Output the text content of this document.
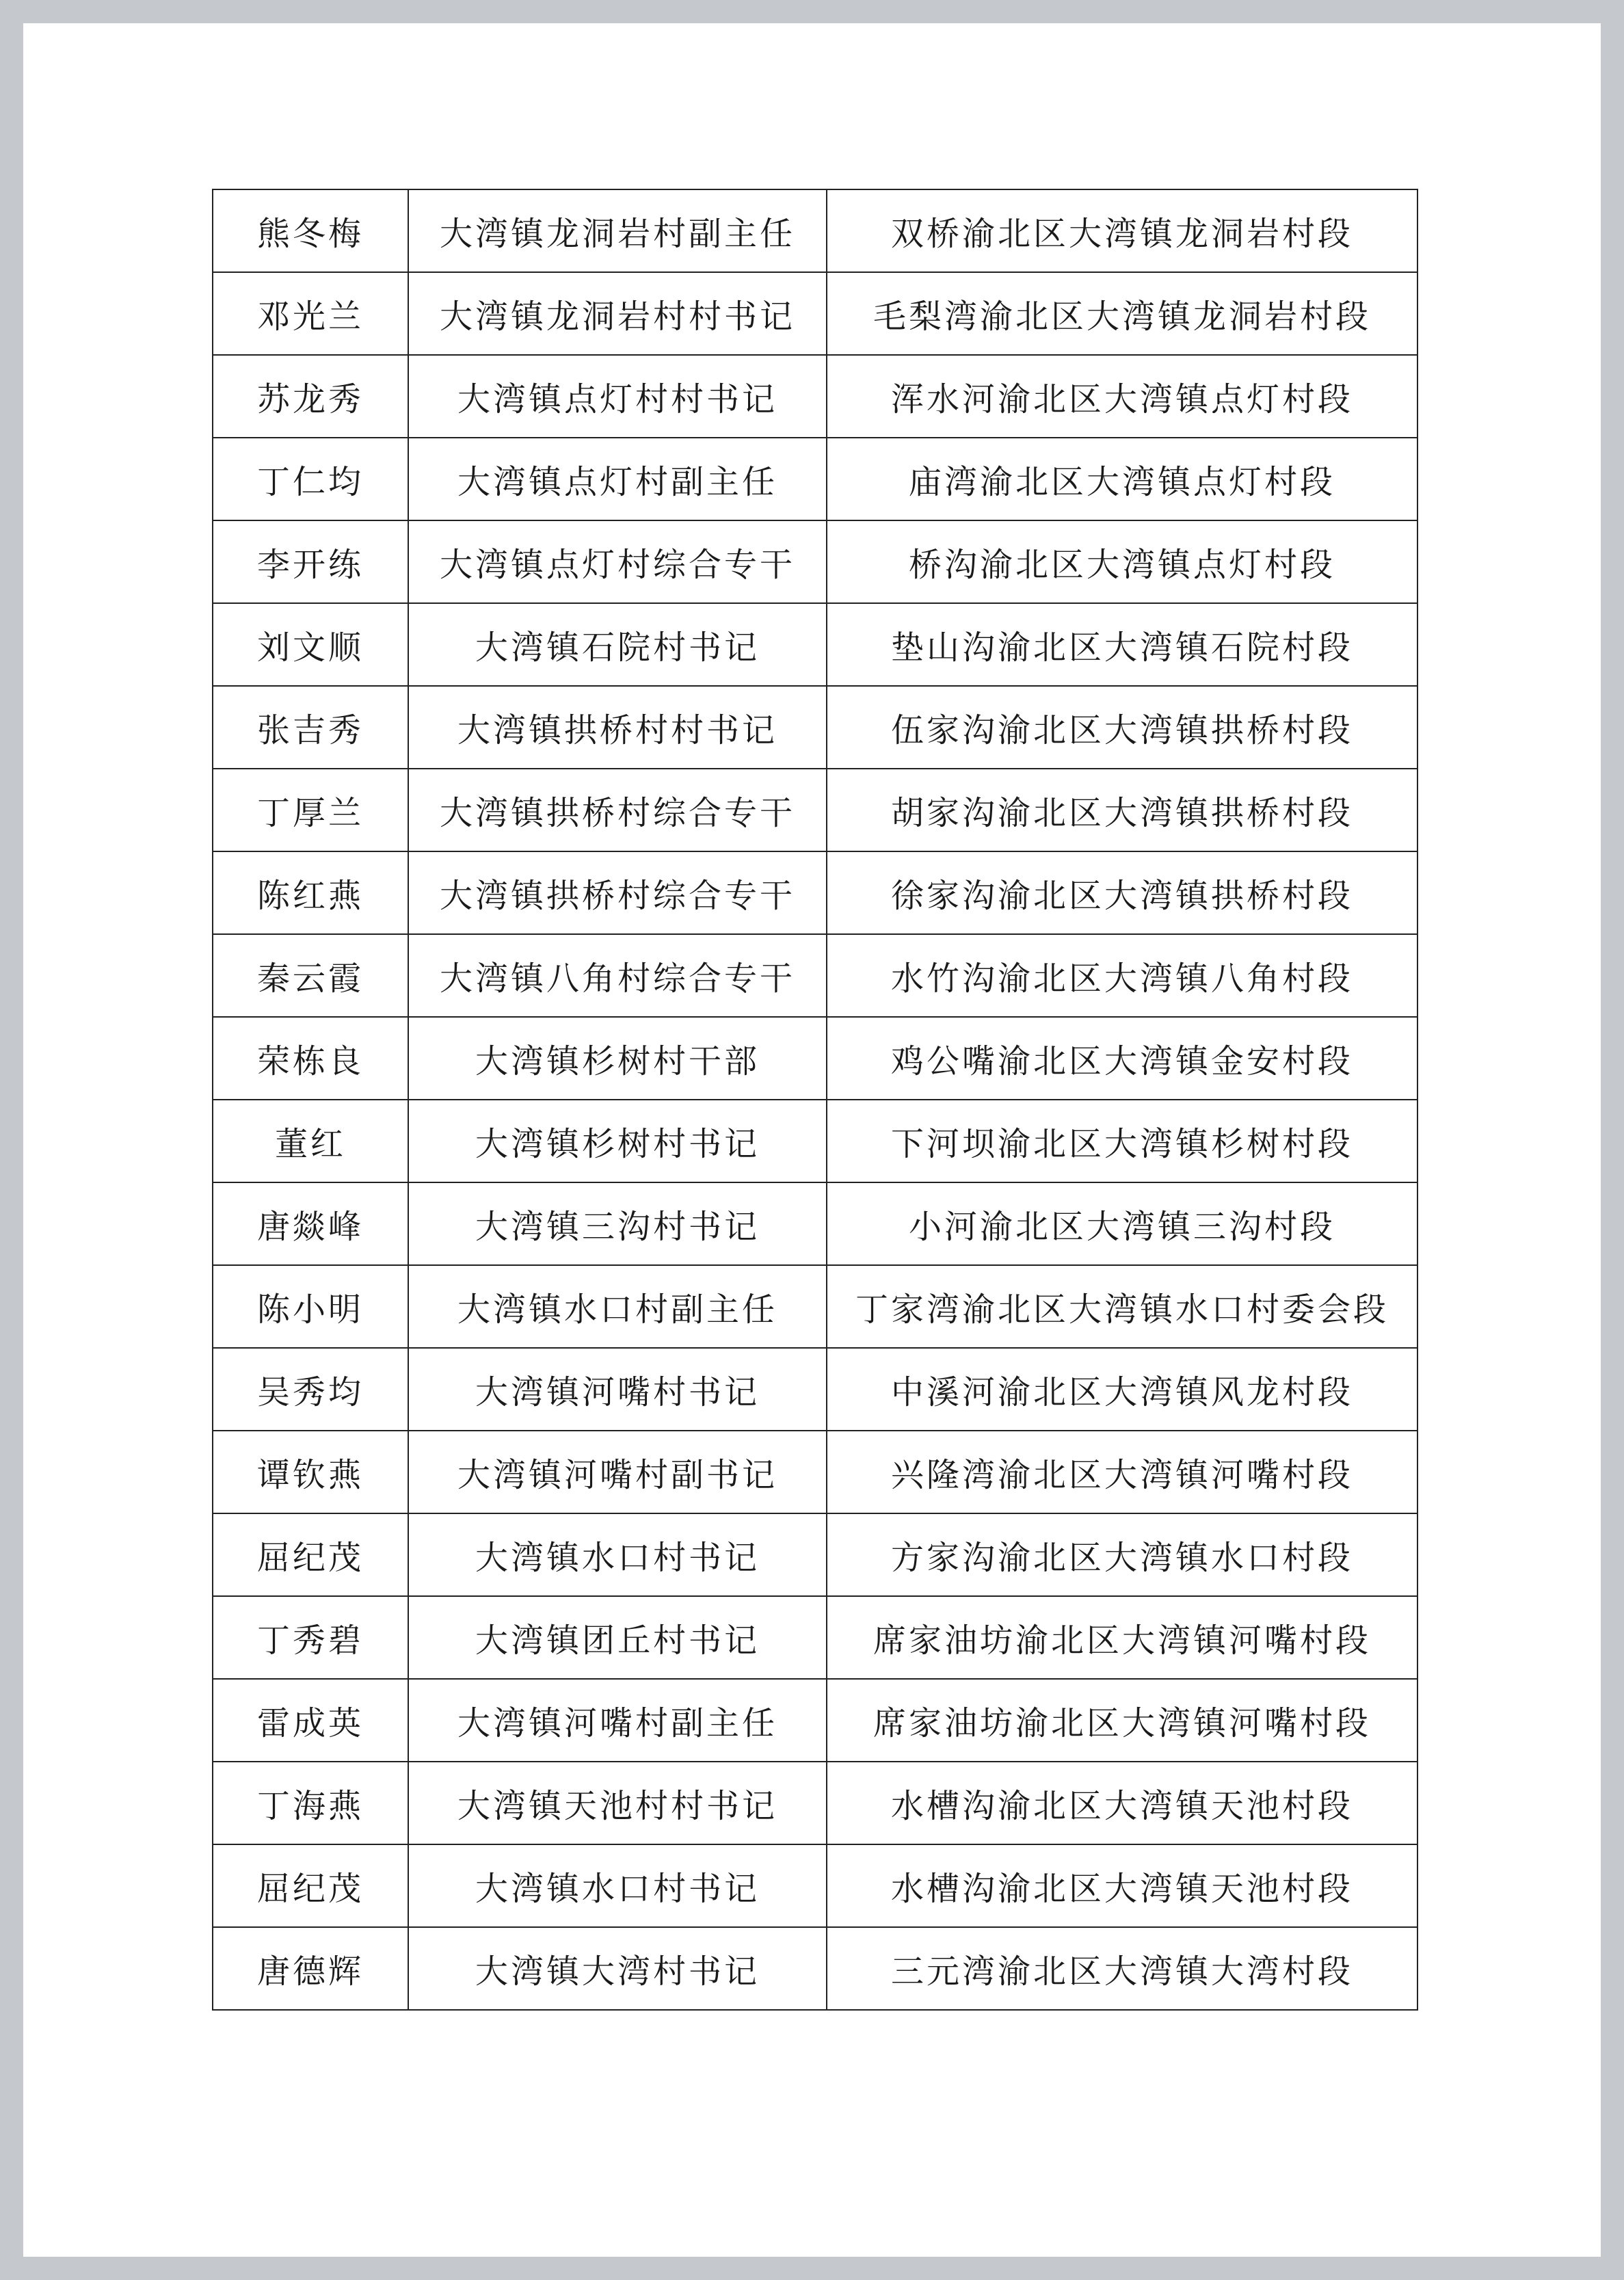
熊冬梅	大湾镇龙洞岩村副主任	双桥渝北区大湾镇龙洞岩村段
邓光兰	大湾镇龙洞岩村村书记	毛梨湾渝北区大湾镇龙洞岩村段
苏龙秀	大湾镇点灯村村书记	浑水河渝北区大湾镇点灯村段
丁仁均	大湾镇点灯村副主任	庙湾渝北区大湾镇点灯村段
李开练	大湾镇点灯村综合专干	桥沟渝北区大湾镇点灯村段
刘文顺	大湾镇石院村书记	垫山沟渝北区大湾镇石院村段
张吉秀	大湾镇拱桥村村书记	伍家沟渝北区大湾镇拱桥村段
丁厚兰	大湾镇拱桥村综合专干	胡家沟渝北区大湾镇拱桥村段
陈红燕	大湾镇拱桥村综合专干	徐家沟渝北区大湾镇拱桥村段
秦云霞	大湾镇八角村综合专干	水竹沟渝北区大湾镇八角村段
荣栋良	大湾镇杉树村干部	鸡公嘴渝北区大湾镇金安村段
董红	大湾镇杉树村书记	下河坝渝北区大湾镇杉树村段
唐燚峰	大湾镇三沟村书记	小河渝北区大湾镇三沟村段
陈小明	大湾镇水口村副主任	丁家湾渝北区大湾镇水口村委会段
吴秀均	大湾镇河嘴村书记	中溪河渝北区大湾镇风龙村段
谭钦燕	大湾镇河嘴村副书记	兴隆湾渝北区大湾镇河嘴村段
屈纪茂	大湾镇水口村书记	方家沟渝北区大湾镇水口村段
丁秀碧	大湾镇团丘村书记	席家油坊渝北区大湾镇河嘴村段
雷成英	大湾镇河嘴村副主任	席家油坊渝北区大湾镇河嘴村段
丁海燕	大湾镇天池村村书记	水槽沟渝北区大湾镇天池村段
屈纪茂	大湾镇水口村书记	水槽沟渝北区大湾镇天池村段
唐德辉	大湾镇大湾村书记	三元湾渝北区大湾镇大湾村段
